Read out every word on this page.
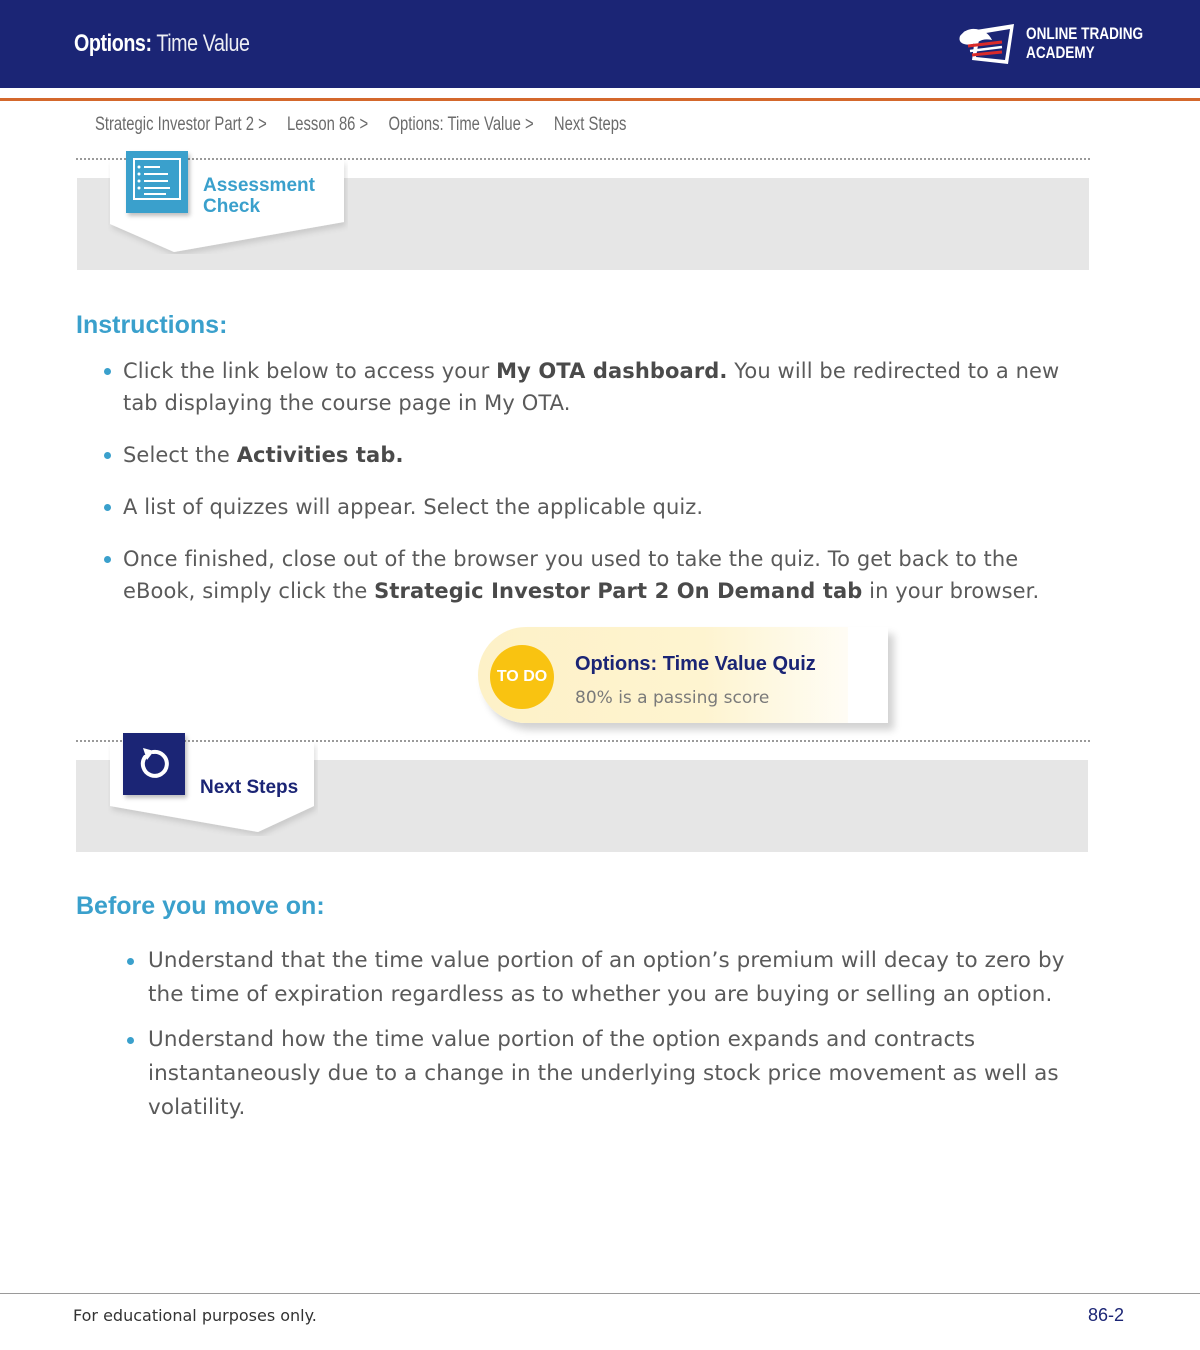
Options: Time Value	ONLINE TRADING
ACADEMY
Strategic Investor Part 2 > Lesson 86 > Options: Time Value > Next Steps
Assessment
Check
Instructions:
Click the link below to access your My OTA dashboard. You will be redirected to a new tab displaying the course page in My OTA.
Select the Activities tab.
A list of quizzes will appear. Select the applicable quiz.
Once finished, close out of the browser you used to take the quiz. To get back to the eBook, simply click the Strategic Investor Part 2 On Demand tab in your browser.
TO DO
Options: Time Value Quiz
80% is a passing score
Next Steps
Before you move on:
Understand that the time value portion of an option’s premium will decay to zero by the time of expiration regardless as to whether you are buying or selling an option.
Understand how the time value portion of the option expands and contracts instantaneously due to a change in the underlying stock price movement as well as volatility.
For educational purposes only.	86-2
